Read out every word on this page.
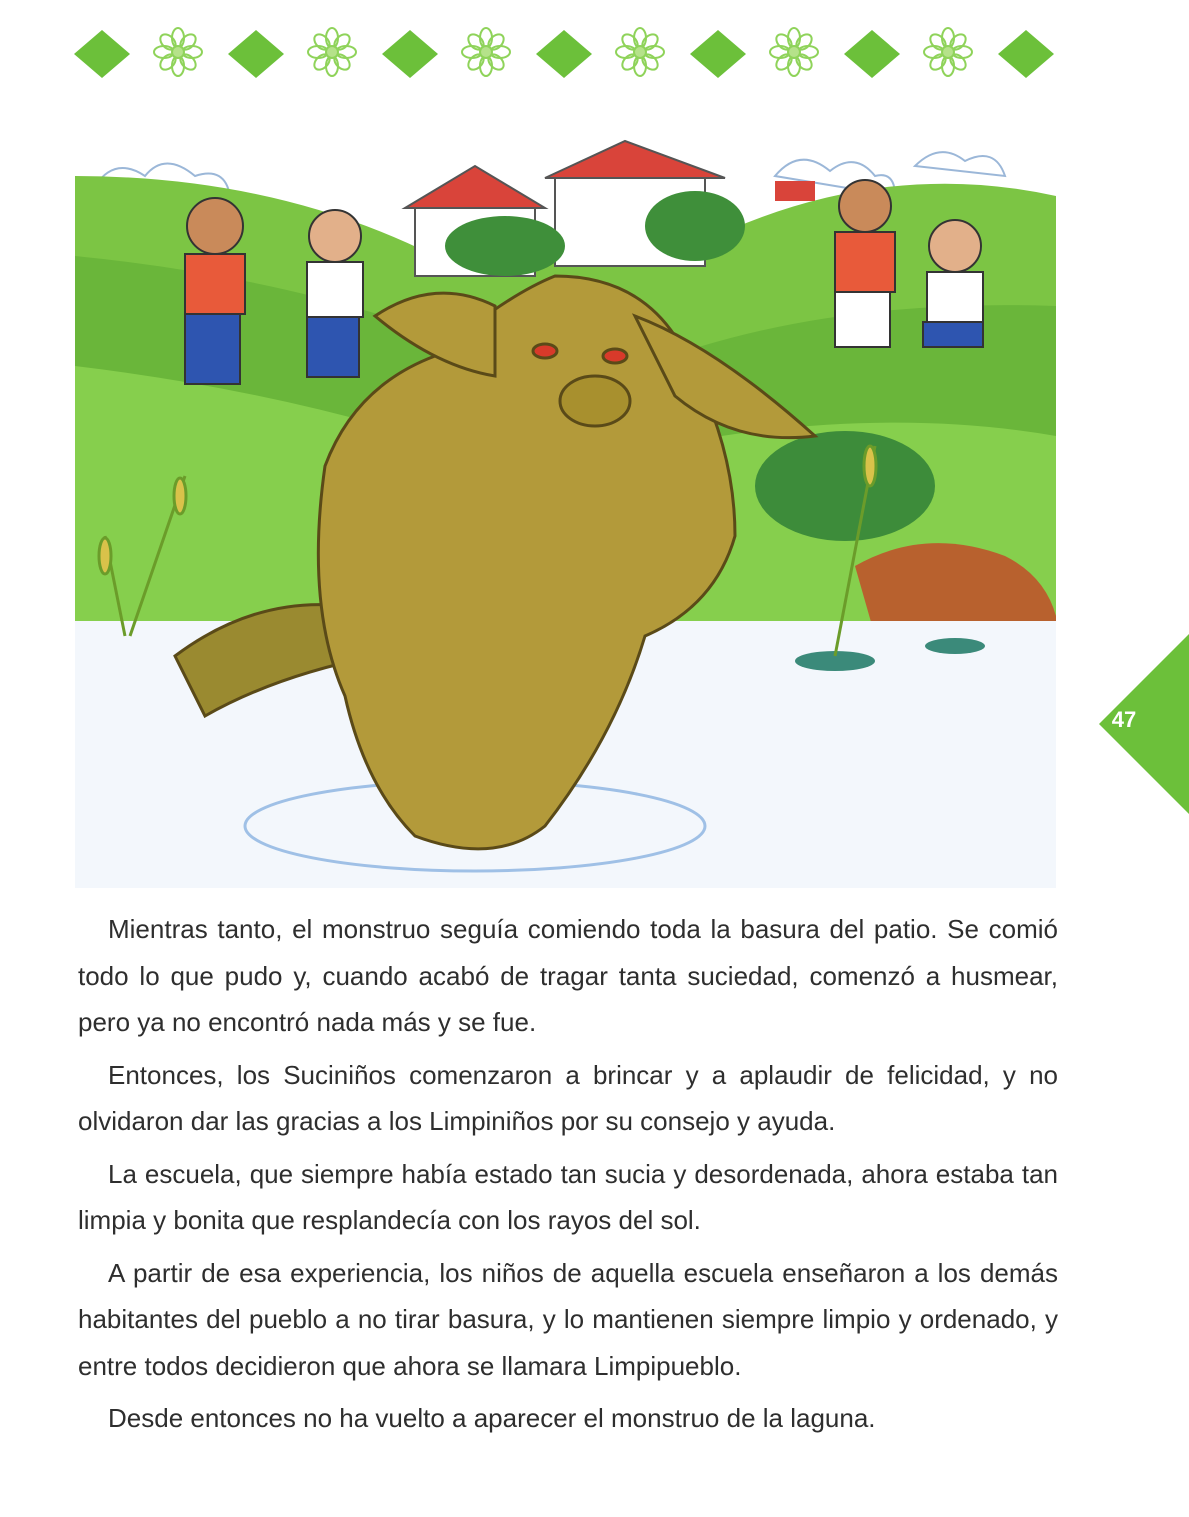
47

Mientras tanto, el monstruo seguía comiendo toda la basura del patio. Se comió todo lo que pudo y, cuando acabó de tragar tanta suciedad, comenzó a husmear, pero ya no encontró nada más y se fue.

Entonces, los Suciniños comenzaron a brincar y a aplaudir de felicidad, y no olvidaron dar las gracias a los Limpiniños por su consejo y ayuda.

La escuela, que siempre había estado tan sucia y desordenada, ahora estaba tan limpia y bonita que resplandecía con los rayos del sol.

A partir de esa experiencia, los niños de aquella escuela enseñaron a los demás habitantes del pueblo a no tirar basura, y lo mantienen siempre limpio y ordenado, y entre todos decidieron que ahora se llamara Limpipueblo.

Desde entonces no ha vuelto a aparecer el monstruo de la laguna.
